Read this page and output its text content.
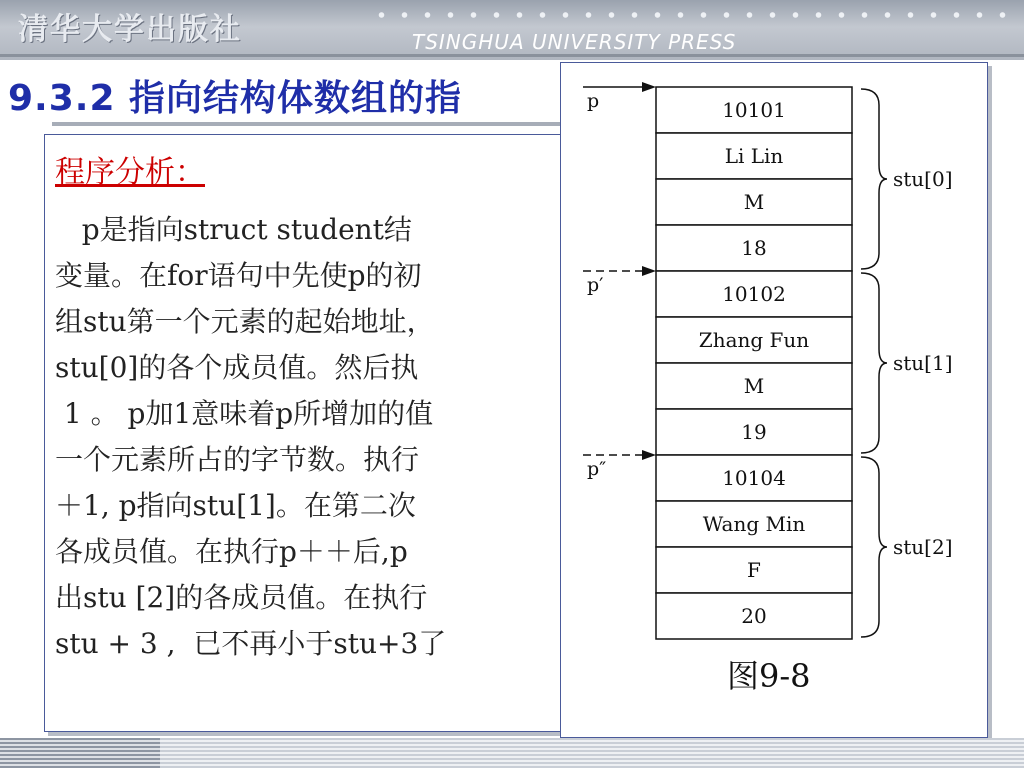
清华大学出版社	TSINGHUA UNIVERSITY PRESS
9.3.2 指向结构体数组的指
程序分析：
p是指向struct student结
变量。在for语句中先使p的初
组stu第一个元素的起始地址，
stu[0]的各个成员值。然后执
1 。 p加1意味着p所增加的值
一个元素所占的字节数。执行
＋1, p指向stu[1]。在第二次
各成员值。在执行p＋＋后,p
出stu [2]的各成员值。在执行
stu + 3 ,  已不再小于stu+3了
10101
Li Lin
M
18
10102
Zhang Fun
M
19
10104
Wang Min
F
20
p
p′
p″
stu[0]
stu[1]
stu[2]
图9-8
